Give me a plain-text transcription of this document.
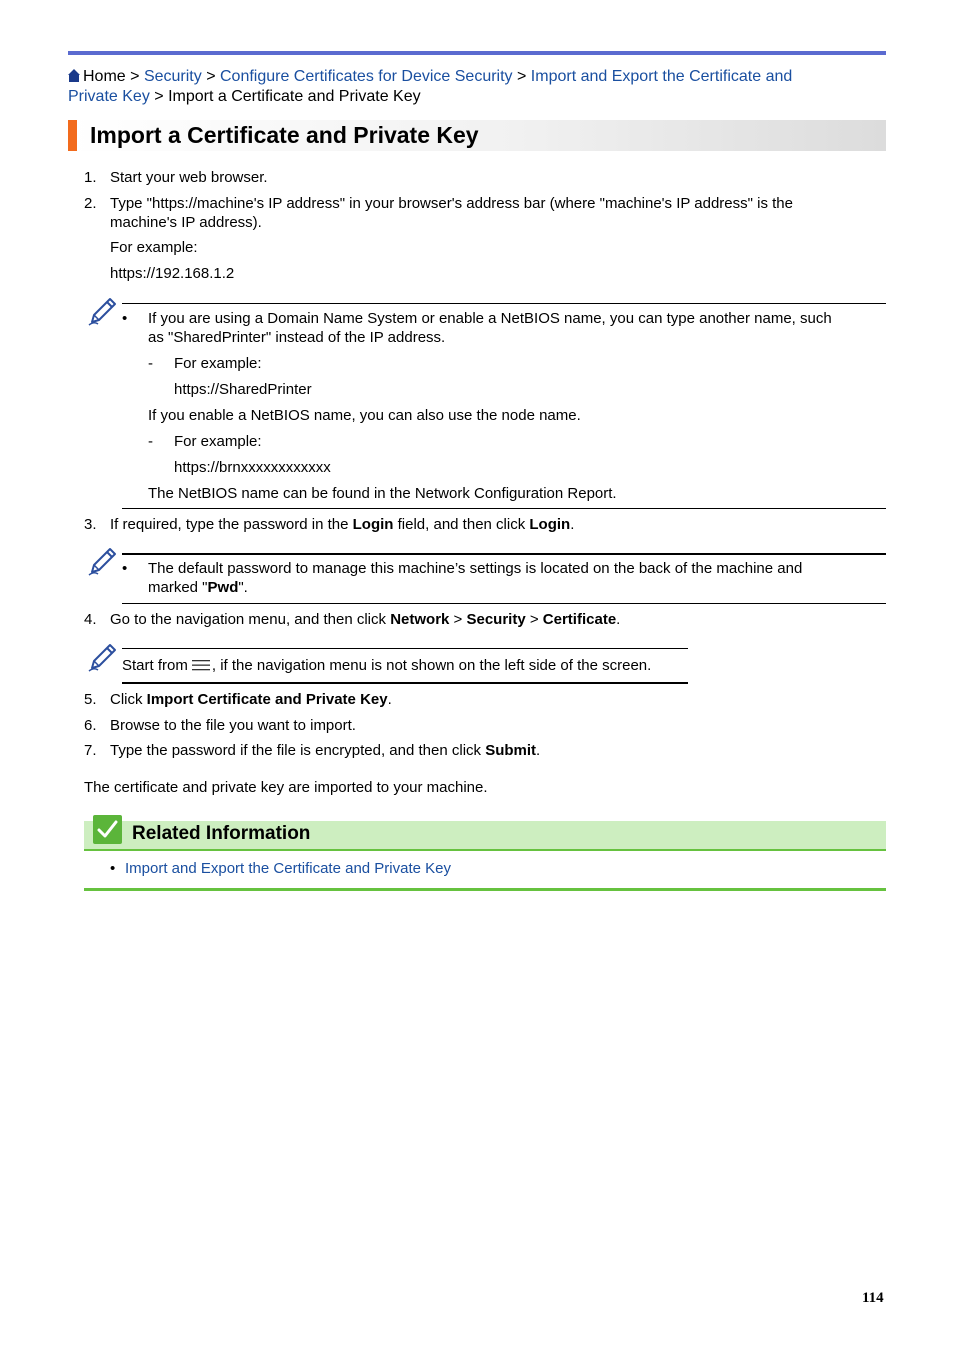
Home > Security > Configure Certificates for Device Security > Import and Export the Certificate and
Private Key > Import a Certificate and Private Key
Import a Certificate and Private Key
1. Start your web browser.
2. Type "https://machine's IP address" in your browser's address bar (where "machine's IP address" is the
machine's IP address).
For example:
https://192.168.1.2
• If you are using a Domain Name System or enable a NetBIOS name, you can type another name, such
as "SharedPrinter" instead of the IP address.
- For example:
https://SharedPrinter
If you enable a NetBIOS name, you can also use the node name.
- For example:
https://brnxxxxxxxxxxxx
The NetBIOS name can be found in the Network Configuration Report.
3. If required, type the password in the Login field, and then click Login.
• The default password to manage this machine’s settings is located on the back of the machine and
marked "Pwd".
4. Go to the navigation menu, and then click Network > Security > Certificate.
Start from , if the navigation menu is not shown on the left side of the screen.
5. Click Import Certificate and Private Key.
6. Browse to the file you want to import.
7. Type the password if the file is encrypted, and then click Submit.
The certificate and private key are imported to your machine.
Related Information
• Import and Export the Certificate and Private Key
114
